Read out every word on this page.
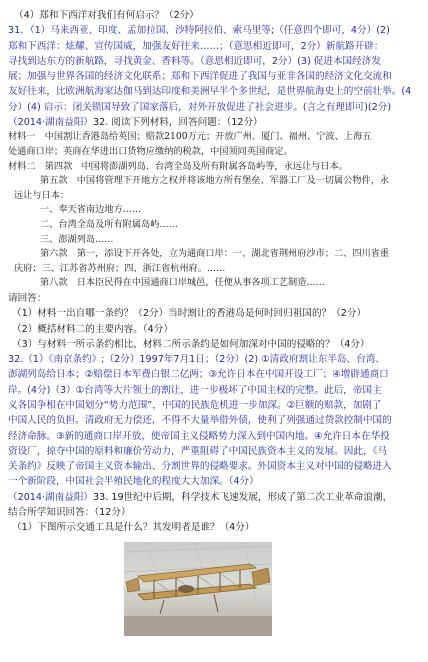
（4）郑和下西洋对我们有何启示？（2分）
31．（1）马来西亚、印度、孟加拉国、沙特阿拉伯、索马里等;（任意四个即可，4分）(2)
郑和下西洋：炫耀、宣传国威，加强友好往来……；（意思相近即可，2分）新航路开辟：
寻找到达东方的新航路，寻找黄金、香料等。（意思相近即可，2分）(3) 促进本国经济发
展；加强与世界各国的经济文化联系；郑和下西洋促进了我国与亚非各国的经济文化交流和
友好往来，比欧洲航海家达伽马到达印度和美洲早半个多世纪，是世界航海史上的空前壮举。(4
分）(4) 启示：闭关锁国导致了国家落后，对外开放促进了社会进步。(言之有理即可)(2分)
（2014·湖南益阳）32. 阅读下列材料，回答问题：（12分）
材料一　中国割让香港岛给英国；赔款2100万元；开放广州、厦门、福州、宁波、上海五
处通商口岸；英商在华进出口货物应缴纳的税款，中国须同英国商定。
材料二　第四款　中国将澎湖列岛、台湾全岛及所有附属各岛屿等，永远让与日本。
第五款　中国将管理下开地方之权并将该地方所有堡垒、军器工厂及一切属公物件，永
远让与日本：
一、奉天省南边地方……
二、台湾全岛及所有附属岛屿……
三、澎湖列岛……
第六款　第一，添设下开各处，立为通商口岸：一、湖北省荆州府沙市；二、四川省重
庆府；三、江苏省苏州府；四、浙江省杭州府。……
第八款　日本臣民得在中国通商口岸城邑，任便从事各项工艺制造……
请回答：
（1）材料一出自哪一条约？（2分）当时割让的香港岛是何时回归祖国的？（2分）
（2）概括材料二的主要内容。（4分）
（3）与材料一所示条约相比，材料二所示条约是如何加深对中国的侵略的？（4分）
32.（1）《南京条约》;（2分）1997年7月1日；（2分）(2) ①清政府割让东半岛、台湾、
澎湖列岛给日本；②赔偿日本军费白银二亿两；③允许日本在中国开设工厂；④增辟通商口
岸。(4分)（3）①台湾等大片领土的割让，进一步极坏了中国主权的完整。此后，帝国主
义各国争相在中国划分“势力范围”，中国的民族危机进一步加深。②巨额的赔款，加剧了
中国人民的负担。清政府无力偿还，不得不大量举借外债，使利了列强通过贷款控制中国的
经济命脉。③新的通商口岸开放，使帝国主义侵略势力深入到中国内地。④允许日本在华投
资设厂，掠夺中国的原料和廉价劳动力，严重阻碍了中国民族资本主义的发展。因此，《马
关条约》反映了帝国主义资本输出、分割世界的侵略要求。外国资本主义对中国的侵略进入
一个新阶段，中国社会半殖民地化的程度大大加深。（4分）
（2014·湖南益阳）33. 19世纪中后期，科学技术飞速发展，形成了第二次工业革命浪潮，
结合所学知识回答：（12分）
（1）下图所示交通工具是什么？其发明者是谁？（4分）
